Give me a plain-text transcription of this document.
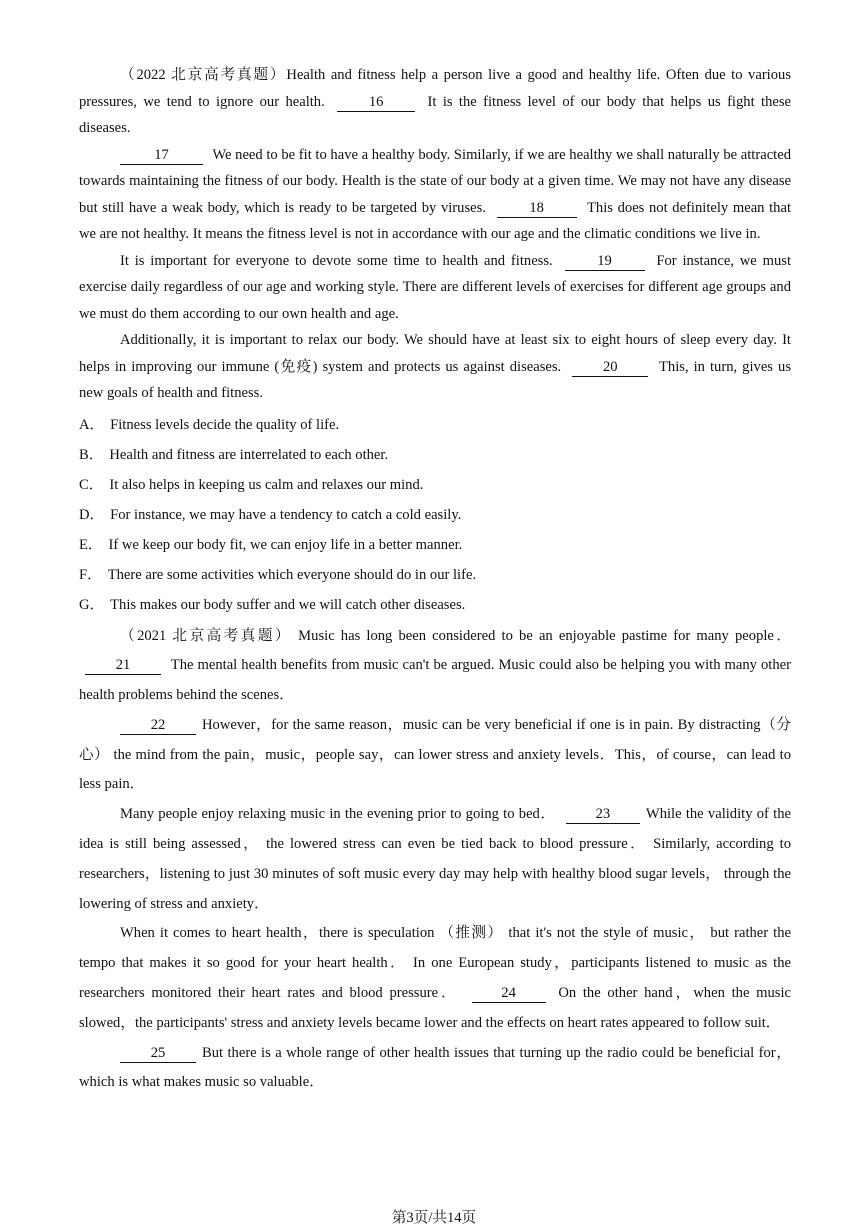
（2022 北京高考真题）Health and fitness help a person live a good and healthy life. Often due to various pressures, we tend to ignore our health.	16	It is the fitness level of our body that helps us fight these diseases.

17	We need to be fit to have a healthy body. Similarly, if we are healthy we shall naturally be attracted towards maintaining the fitness of our body. Health is the state of our body at a given time. We may not have any disease but still have a weak body, which is ready to be targeted by viruses.	18	This does not definitely mean that we are not healthy. It means the fitness level is not in accordance with our age and the climatic conditions we live in.

It is important for everyone to devote some time to health and fitness.	19	For instance, we must exercise daily regardless of our age and working style. There are different levels of exercises for different age groups and we must do them according to our own health and age.

Additionally, it is important to relax our body. We should have at least six to eight hours of sleep every day. It helps in improving our immune (免疫) system and protects us against diseases.	20	This, in turn, gives us new goals of health and fitness.

A． Fitness levels decide the quality of life.

B． Health and fitness are interrelated to each other.

C． It also helps in keeping us calm and relaxes our mind.

D． For instance, we may have a tendency to catch a cold easily.

E． If we keep our body fit, we can enjoy life in a better manner.

F． There are some activities which everyone should do in our life.

G． This makes our body suffer and we will catch other diseases.

（2021 北京高考真题） Music has long been considered to be an enjoyable pastime for many people． 21	The mental health benefits from music can't be argued. Music could also be helping you with many other health problems behind the scenes．

22	However，for the same reason，music can be very beneficial if one is in pain. By distracting（分心） the mind from the pain，music，people say，can lower stress and anxiety levels．This，of course，can lead to less pain．

Many people enjoy relaxing music in the evening prior to going to bed．	23 While the validity of the idea is still being assessed， the lowered stress can even be tied back to blood pressure． Similarly, according to researchers，listening to just 30 minutes of soft music every day may help with healthy blood sugar levels， through the lowering of stress and anxiety．

When it comes to heart health，there is speculation （推测） that it's not the style of music， but rather the tempo that makes it so good for your heart health． In one European study，participants listened to music as the researchers monitored their heart rates and blood pressure．	24	On the other hand，when the music slowed，the participants' stress and anxiety levels became lower and the effects on heart rates appeared to follow suit．

25	But there is a whole range of other health issues that turning up the radio could be beneficial for，which is what makes music so valuable．

第3页/共14页
